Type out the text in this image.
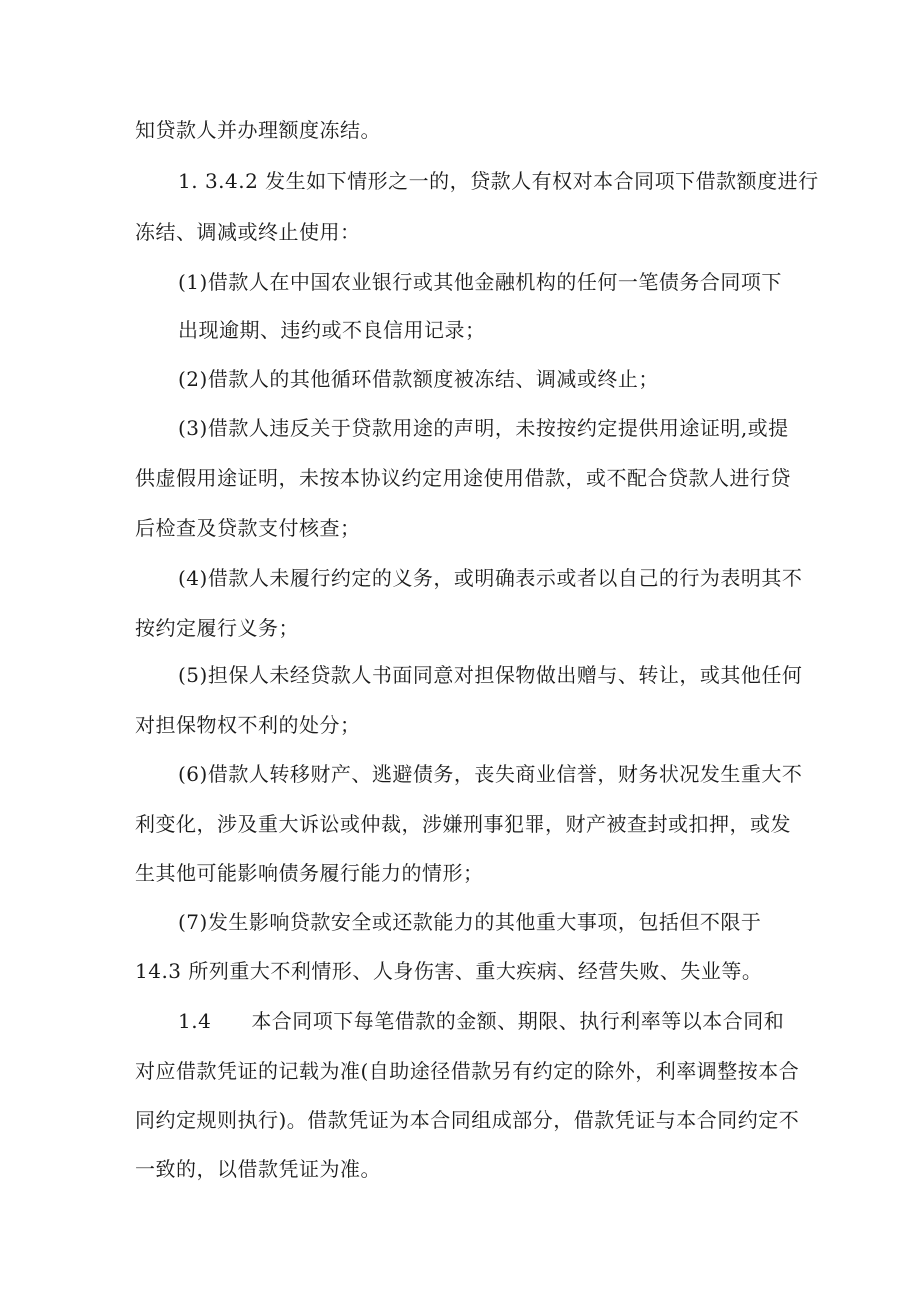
知贷款人并办理额度冻结。
1. 3.4.2 发生如下情形之一的，贷款人有权对本合同项下借款额度进行
冻结、调减或终止使用：
(1)借款人在中国农业银行或其他金融机构的任何一笔债务合同项下
出现逾期、违约或不良信用记录；
(2)借款人的其他循环借款额度被冻结、调减或终止；
(3)借款人违反关于贷款用途的声明，未按按约定提供用途证明,或提
供虚假用途证明，未按本协议约定用途使用借款，或不配合贷款人进行贷
后检查及贷款支付核查；
(4)借款人未履行约定的义务，或明确表示或者以自己的行为表明其不
按约定履行义务；
(5)担保人未经贷款人书面同意对担保物做出赠与、转让，或其他任何
对担保物权不利的处分；
(6)借款人转移财产、逃避债务，丧失商业信誉，财务状况发生重大不
利变化，涉及重大诉讼或仲裁，涉嫌刑事犯罪，财产被查封或扣押，或发
生其他可能影响债务履行能力的情形；
(7)发生影响贷款安全或还款能力的其他重大事项，包括但不限于
14.3 所列重大不利情形、人身伤害、重大疾病、经营失败、失业等。
1.4 本合同项下每笔借款的金额、期限、执行利率等以本合同和
对应借款凭证的记载为准(自助途径借款另有约定的除外，利率调整按本合
同约定规则执行)。借款凭证为本合同组成部分，借款凭证与本合同约定不
一致的，以借款凭证为准。
